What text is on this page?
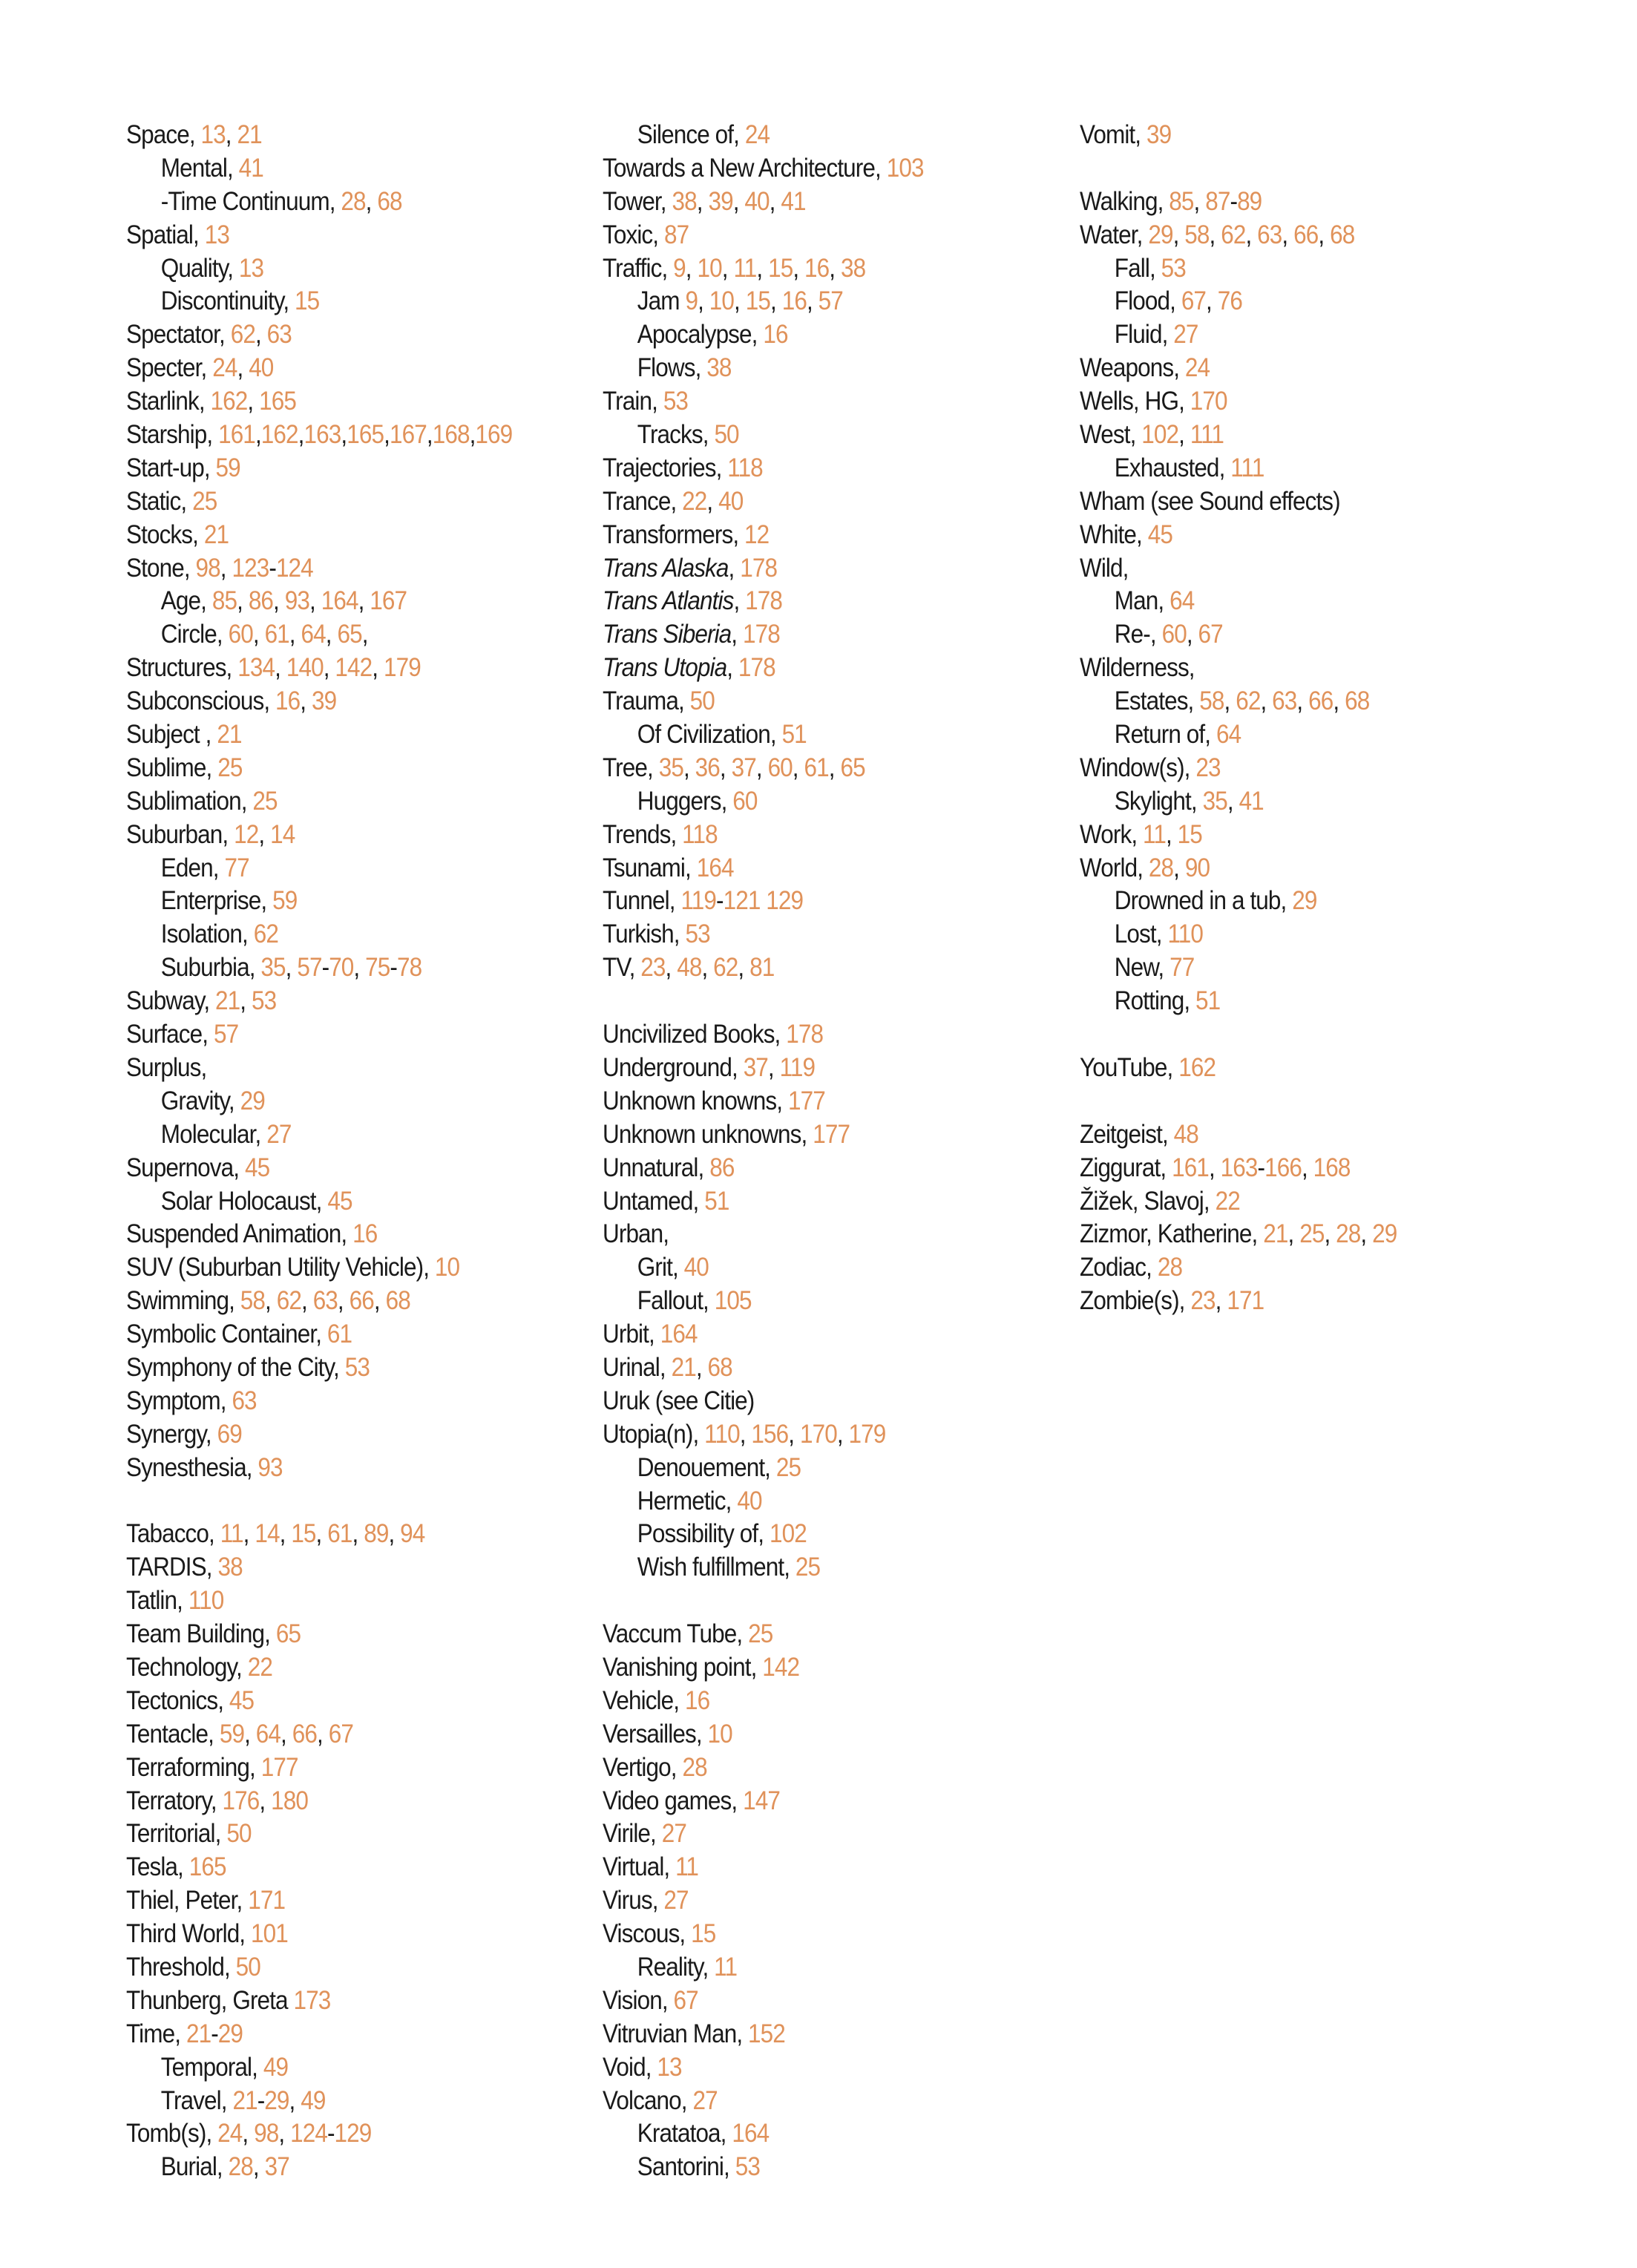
Space, 13, 21
Mental, 41
-Time Continuum, 28, 68
Spatial, 13
Quality, 13
Discontinuity, 15
Spectator, 62, 63
Specter, 24, 40
Starlink, 162, 165
Starship, 161,162,163,165,167,168,169
Start-up, 59
Static, 25
Stocks, 21
Stone, 98, 123-124
Age, 85, 86, 93, 164, 167
Circle, 60, 61, 64, 65,
Structures, 134, 140, 142, 179
Subconscious, 16, 39
Subject , 21
Sublime, 25
Sublimation, 25
Suburban, 12, 14
Eden, 77
Enterprise, 59
Isolation, 62
Suburbia, 35, 57-70, 75-78
Subway, 21, 53
Surface, 57
Surplus,
Gravity, 29
Molecular, 27
Supernova, 45
Solar Holocaust, 45
Suspended Animation, 16
SUV (Suburban Utility Vehicle), 10
Swimming, 58, 62, 63, 66, 68
Symbolic Container, 61
Symphony of the City, 53
Symptom, 63
Synergy, 69
Synesthesia, 93
Tabacco, 11, 14, 15, 61, 89, 94
TARDIS, 38
Tatlin, 110
Team Building, 65
Technology, 22
Tectonics, 45
Tentacle, 59, 64, 66, 67
Terraforming, 177
Terratory, 176, 180
Territorial, 50
Tesla, 165
Thiel, Peter, 171
Third World, 101
Threshold, 50
Thunberg, Greta 173
Time, 21-29
Temporal, 49
Travel, 21-29, 49
Tomb(s), 24, 98, 124-129
Burial, 28, 37
Silence of, 24
Towards a New Architecture, 103
Tower, 38, 39, 40, 41
Toxic, 87
Traffic, 9, 10, 11, 15, 16, 38
Jam 9, 10, 15, 16, 57
Apocalypse, 16
Flows, 38
Train, 53
Tracks, 50
Trajectories, 118
Trance, 22, 40
Transformers, 12
Trans Alaska, 178
Trans Atlantis, 178
Trans Siberia, 178
Trans Utopia, 178
Trauma, 50
Of Civilization, 51
Tree, 35, 36, 37, 60, 61, 65
Huggers, 60
Trends, 118
Tsunami, 164
Tunnel, 119-121 129
Turkish, 53
TV, 23, 48, 62, 81
Uncivilized Books, 178
Underground, 37, 119
Unknown knowns, 177
Unknown unknowns, 177
Unnatural, 86
Untamed, 51
Urban,
Grit, 40
Fallout, 105
Urbit, 164
Urinal, 21, 68
Uruk (see Citie)
Utopia(n), 110, 156, 170, 179
Denouement, 25
Hermetic, 40
Possibility of, 102
Wish fulfillment, 25
Vaccum Tube, 25
Vanishing point, 142
Vehicle, 16
Versailles, 10
Vertigo, 28
Video games, 147
Virile, 27
Virtual, 11
Virus, 27
Viscous, 15
Reality, 11
Vision, 67
Vitruvian Man, 152
Void, 13
Volcano, 27
Kratatoa, 164
Santorini, 53
Vomit, 39
Walking, 85, 87-89
Water, 29, 58, 62, 63, 66, 68
Fall, 53
Flood, 67, 76
Fluid, 27
Weapons, 24
Wells, HG, 170
West, 102, 111
Exhausted, 111
Wham (see Sound effects)
White, 45
Wild,
Man, 64
Re-, 60, 67
Wilderness,
Estates, 58, 62, 63, 66, 68
Return of, 64
Window(s), 23
Skylight, 35, 41
Work, 11, 15
World, 28, 90
Drowned in a tub, 29
Lost, 110
New, 77
Rotting, 51
YouTube, 162
Zeitgeist, 48
Ziggurat, 161, 163-166, 168
Žižek, Slavoj, 22
Zizmor, Katherine, 21, 25, 28, 29
Zodiac, 28
Zombie(s), 23, 171
